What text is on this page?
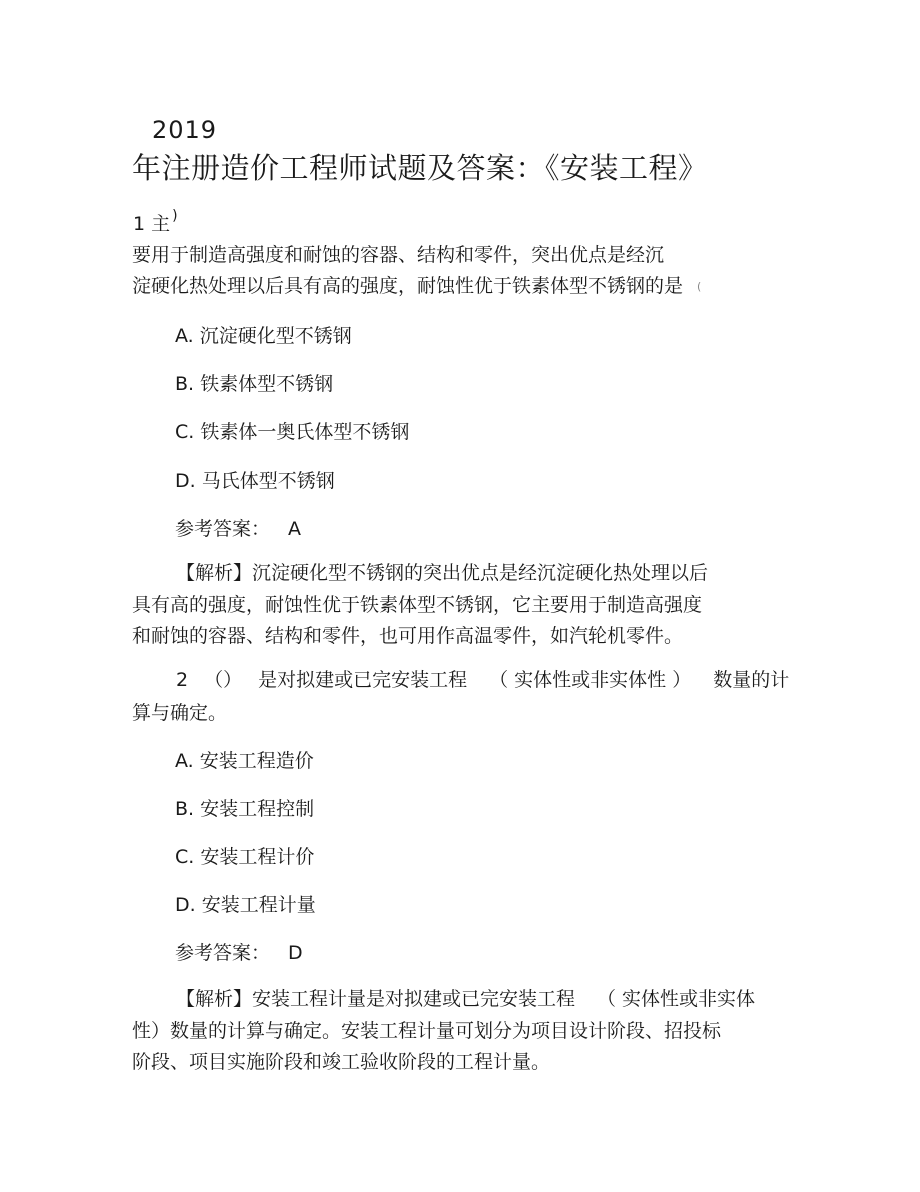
2019
年注册造价工程师试题及答案：《安装工程》
1 主 )
要用于制造高强度和耐蚀的容器、结构和零件，突出优点是经沉
淀硬化热处理以后具有高的强度，耐蚀性优于铁素体型不锈钢的是 (
A. 沉淀硬化型不锈钢
B. 铁素体型不锈钢
C. 铁素体一奥氏体型不锈钢
D. 马氏体型不锈钢
参考答案： A
【解析】沉淀硬化型不锈钢的突出优点是经沉淀硬化热处理以后
具有高的强度，耐蚀性优于铁素体型不锈钢，它主要用于制造高强度
和耐蚀的容器、结构和零件，也可用作高温零件，如汽轮机零件。
2 （） 是对拟建或已完安装工程 （ 实体性或非实体性 ） 数量的计
算与确定。
A. 安装工程造价
B. 安装工程控制
C. 安装工程计价
D. 安装工程计量
参考答案： D
【解析】安装工程计量是对拟建或已完安装工程 （ 实体性或非实体
性）数量的计算与确定。安装工程计量可划分为项目设计阶段、招投标
阶段、项目实施阶段和竣工验收阶段的工程计量。
